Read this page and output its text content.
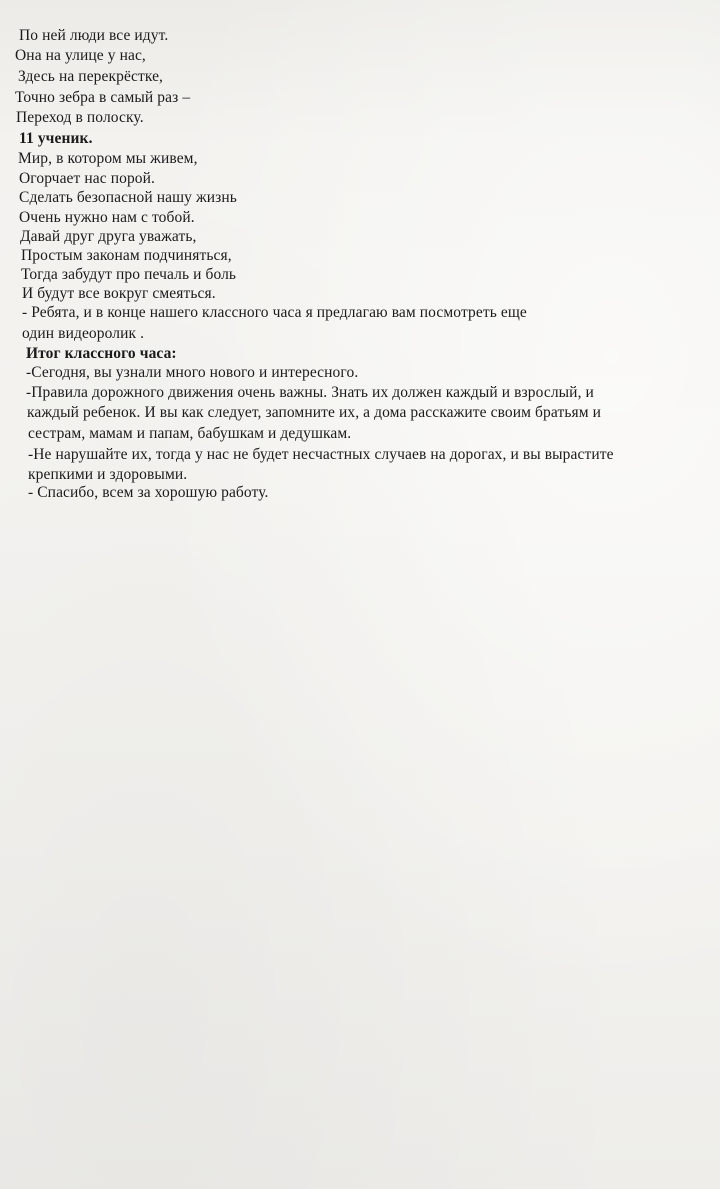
По ней люди все идут.
Она на улице у нас,
Здесь на перекрёстке,
Точно зебра в самый раз –
Переход в полоску.
11 ученик.
Мир, в котором мы живем,
Огорчает нас порой.
Сделать безопасной нашу жизнь
Очень нужно нам с тобой.
Давай друг друга уважать,
Простым законам подчиняться,
Тогда забудут про печаль и боль
И будут все вокруг смеяться.
- Ребята, и в конце нашего классного часа я предлагаю вам посмотреть еще
один видеоролик .
Итог классного часа:
-Сегодня, вы узнали много нового и интересного.
-Правила дорожного движения очень важны. Знать их должен каждый и взрослый, и
каждый ребенок. И вы как следует, запомните их, а дома расскажите своим братьям и
сестрам, мамам и папам, бабушкам и дедушкам.
-Не нарушайте их, тогда у нас не будет несчастных случаев на дорогах, и вы вырастите
крепкими и здоровыми.
- Спасибо, всем за хорошую работу.
